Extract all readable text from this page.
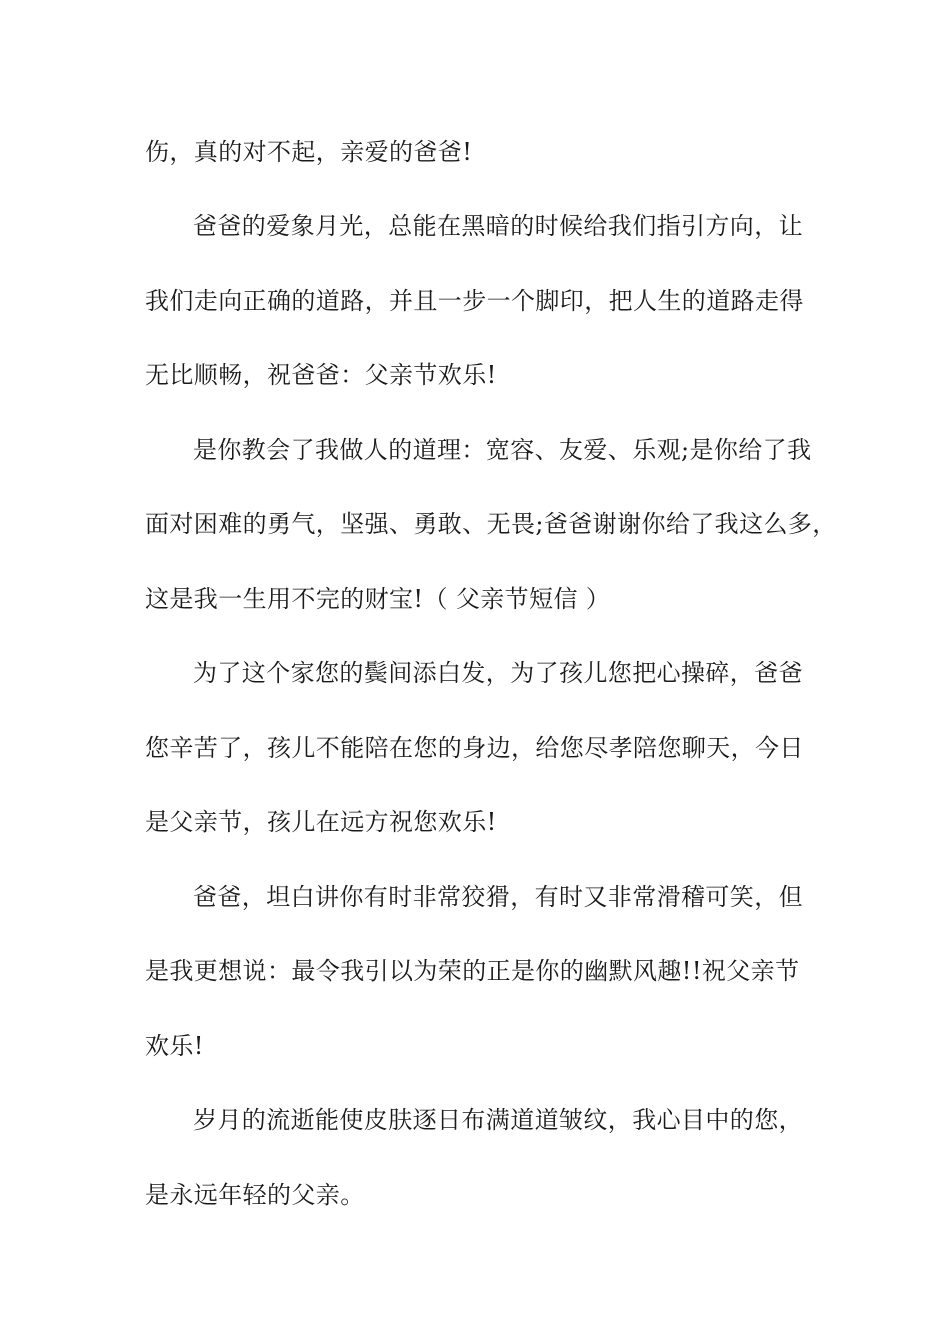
伤，真的对不起，亲爱的爸爸!
爸爸的爱象月光，总能在黑暗的时候给我们指引方向，让
我们走向正确的道路，并且一步一个脚印，把人生的道路走得
无比顺畅，祝爸爸：父亲节欢乐!
是你教会了我做人的道理：宽容、友爱、乐观;是你给了我
面对困难的勇气，坚强、勇敢、无畏;爸爸谢谢你给了我这么多，
这是我一生用不完的财宝!（ 父亲节短信 ）
为了这个家您的鬓间添白发，为了孩儿您把心操碎，爸爸
您辛苦了，孩儿不能陪在您的身边，给您尽孝陪您聊天，今日
是父亲节，孩儿在远方祝您欢乐!
爸爸，坦白讲你有时非常狡猾，有时又非常滑稽可笑，但
是我更想说：最令我引以为荣的正是你的幽默风趣!!祝父亲节
欢乐!
岁月的流逝能使皮肤逐日布满道道皱纹，我心目中的您，
是永远年轻的父亲。
